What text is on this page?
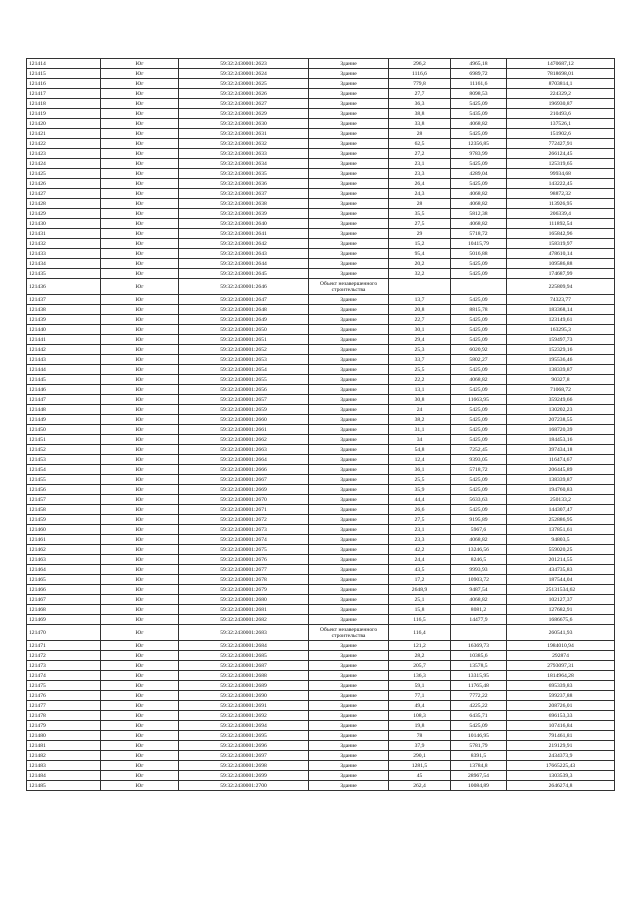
121414	Юг	59:32:2430001:2623	Здание	296,2	4965,18	1470687,12
121415	Юг	59:32:2430001:2624	Здание	1116,6	6989,72	7818698,01
121416	Юг	59:32:2430001:2625	Здание	779,8	11161,6	8703814,1
121417	Юг	59:32:2430001:2626	Здание	27,7	8098,53	224329,2
121418	Юг	59:32:2430001:2627	Здание	36,3	5425,09	196930,87
121419	Юг	59:32:2430001:2629	Здание	38,8	5435,09	210493,6
121420	Юг	59:32:2430001:2630	Здание	33,8	4068,82	137526,1
121421	Юг	59:32:2430001:2631	Здание	28	5425,09	151902,6
121422	Юг	59:32:2430001:2632	Здание	62,5	12356,85	772427,91
121423	Юг	59:32:2430001:2633	Здание	27,2	9783,99	266124,45
121424	Юг	59:32:2430001:2634	Здание	23,1	5425,09	125319,65
121425	Юг	59:32:2430001:2635	Здание	23,3	4289,04	99934,68
121426	Юг	59:32:2430001:2636	Здание	26,4	5425,09	143222,45
121427	Юг	59:32:2430001:2637	Здание	24,3	4068,82	98872,32
121428	Юг	59:32:2430001:2638	Здание	28	4068,82	113926,95
121429	Юг	59:32:2430001:2639	Здание	35,5	5812,38	206339,4
121430	Юг	59:32:2430001:2640	Здание	27,5	4068,82	111892,54
121431	Юг	59:32:2430001:2641	Здание	29	5718,72	165842,96
121432	Юг	59:32:2430001:2642	Здание	15,2	10415,79	158319,97
121433	Юг	59:32:2430001:2643	Здание	95,4	5016,88	478610,14
121434	Юг	59:32:2430001:2644	Здание	20,2	5425,09	109586,88
121435	Юг	59:32:2430001:2645	Здание	32,2	5425,09	174687,99
121436	Юг	59:32:2430001:2646	Объект незавершенного строительства			225809,94
121437	Юг	59:32:2430001:2647	Здание	13,7	5425,09	74323,77
121438	Юг	59:32:2430001:2648	Здание	20,8	8815,78	183368,14
121439	Юг	59:32:2430001:2649	Здание	22,7	5425,09	123149,61
121440	Юг	59:32:2430001:2650	Здание	30,1	5425,09	163295,3
121441	Юг	59:32:2430001:2651	Здание	29,4	5425,09	159497,73
121442	Юг	59:32:2430001:2652	Здание	25,3	6020,92	152329,16
121443	Юг	59:32:2430001:2653	Здание	33,7	5802,27	195536,46
121444	Юг	59:32:2430001:2654	Здание	25,5	5425,09	138339,87
121445	Юг	59:32:2430001:2655	Здание	22,2	4068,82	90327,8
121446	Юг	59:32:2430001:2656	Здание	13,1	5425,09	71068,72
121447	Юг	59:32:2430001:2657	Здание	30,8	11663,95	359249,66
121448	Юг	59:32:2430001:2659	Здание	24	5425,09	130202,23
121449	Юг	59:32:2430001:2660	Здание	38,2	5425,09	207238,55
121450	Юг	59:32:2430001:2661	Здание	31,1	5425,09	168720,39
121451	Юг	59:32:2430001:2662	Здание	34	5425,09	184453,16
121452	Юг	59:32:2430001:2663	Здание	54,8	7252,45	397434,18
121453	Юг	59:32:2430001:2664	Здание	12,4	9393,05	116474,67
121454	Юг	59:32:2430001:2666	Здание	36,1	5718,72	206445,89
121455	Юг	59:32:2430001:2667	Здание	25,5	5425,09	138339,87
121456	Юг	59:32:2430001:2669	Здание	35,9	5425,09	194760,83
121457	Юг	59:32:2430001:2670	Здание	44,4	5633,63	250133,2
121458	Юг	59:32:2430001:2671	Здание	26,6	5425,09	144307,47
121459	Юг	59:32:2430001:2672	Здание	27,5	9195,89	252886,95
121460	Юг	59:32:2430001:2673	Здание	23,1	5967,6	137851,61
121461	Юг	59:32:2430001:2674	Здание	23,3	4068,82	94803,5
121462	Юг	59:32:2430001:2675	Здание	42,2	13246,56	559020,25
121463	Юг	59:32:2430001:2676	Здание	24,4	8246,5	201214,55
121464	Юг	59:32:2430001:2677	Здание	43,5	9993,93	434735,83
121465	Юг	59:32:2430001:2678	Здание	17,2	10903,72	187544,04
121466	Юг	59:32:2430001:2679	Здание	2648,9	9487,54	25131534,62
121467	Юг	59:32:2430001:2680	Здание	25,1	4068,82	102127,37
121468	Юг	59:32:2430001:2681	Здание	15,8	8081,2	127682,91
121469	Юг	59:32:2430001:2682	Здание	116,5	14477,9	1686675,6
121470	Юг	59:32:2430001:2683	Объект незавершенного строительства	116,4		260541,93
121471	Юг	59:32:2430001:2684	Здание	121,2	16369,73	1984010,94
121472	Юг	59:32:2430001:2685	Здание	28,2	10385,6	292874
121473	Юг	59:32:2430001:2687	Здание	205,7	13578,5	2793097,31
121474	Юг	59:32:2430001:2688	Здание	136,3	13315,95	1814964,28
121475	Юг	59:32:2430001:2689	Здание	59,1	11765,48	695339,83
121476	Юг	59:32:2430001:2690	Здание	77,1	7772,22	599237,88
121477	Юг	59:32:2430001:2691	Здание	49,4	4225,22	208726,01
121478	Юг	59:32:2430001:2692	Здание	108,3	6435,71	696153,33
121479	Юг	59:32:2430001:2694	Здание	19,8	5425,09	107416,84
121480	Юг	59:32:2430001:2695	Здание	78	10146,95	791461,81
121481	Юг	59:32:2430001:2696	Здание	37,9	5781,79	219129,91
121482	Юг	59:32:2430001:2697	Здание	290,1	8391,5	2434373,9
121483	Юг	59:32:2430001:2698	Здание	1281,5	13784,8	17665225,43
121484	Юг	59:32:2430001:2699	Здание	45	28967,54	1303539,3
121485	Юг	59:32:2430001:2700	Здание	262,4	10084,89	2646274,8
